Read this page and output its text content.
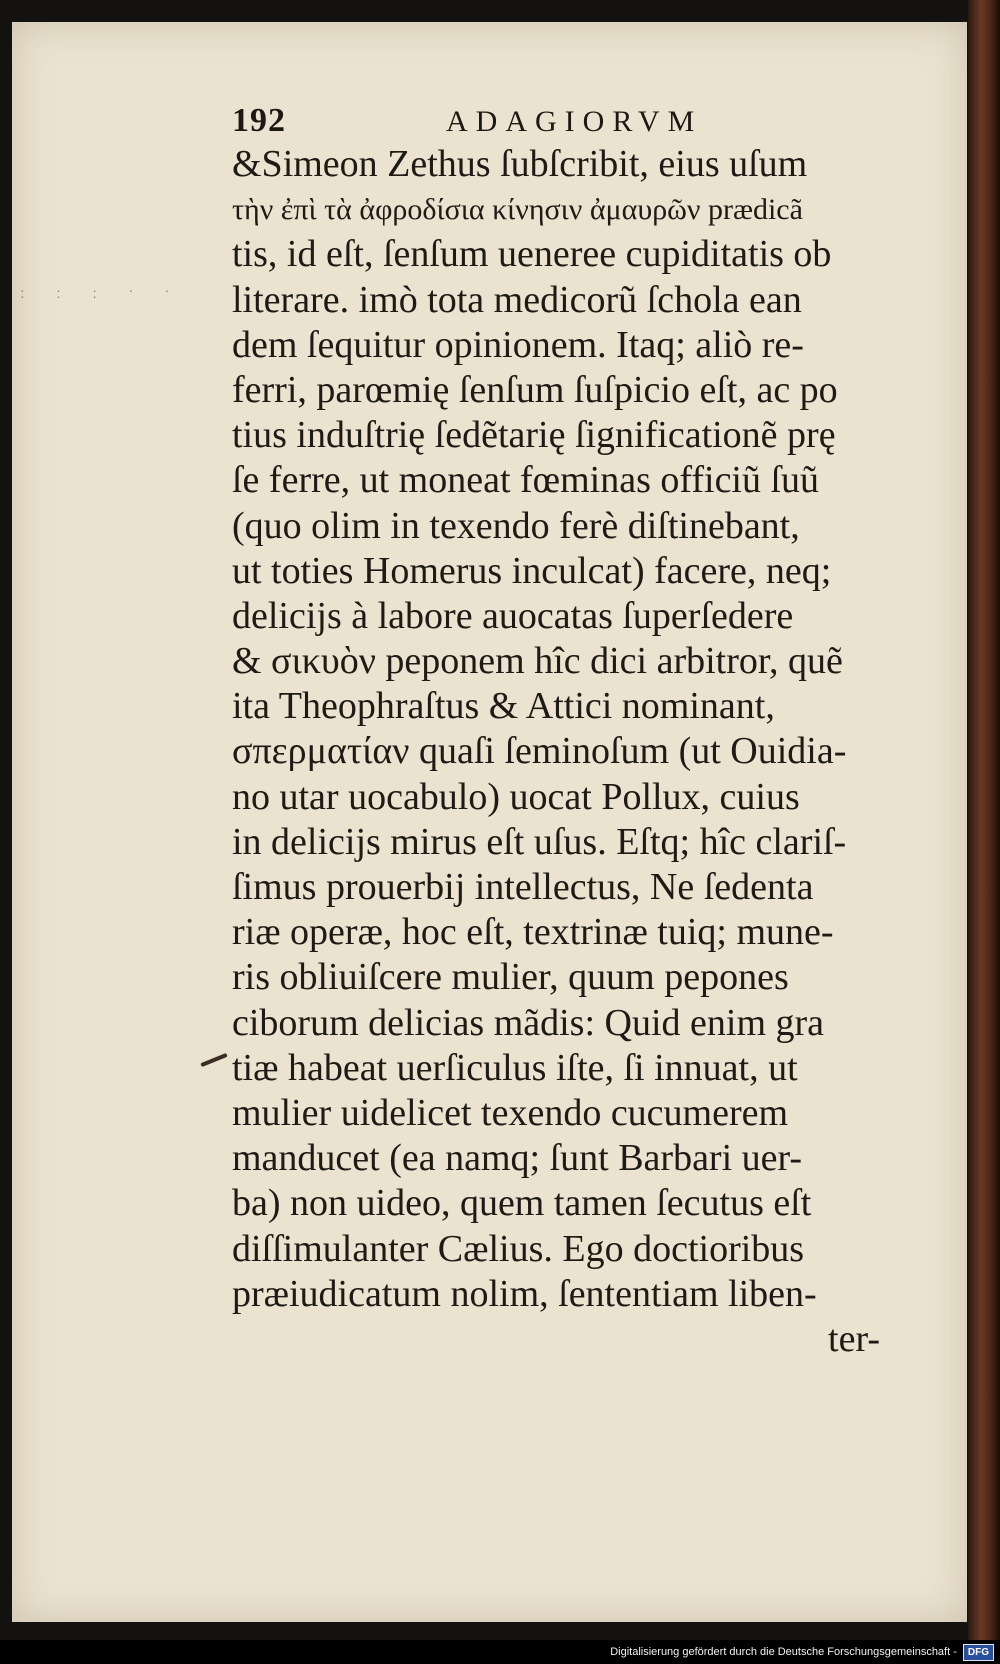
· · · · · · · ·
192	ADAGIORVM
&Simeon Zethus ſubſcribit, eius uſum
τὴν ἐπὶ τὰ ἀφροδίσια κίνησιν ἀμαυρῶν prædicã
tis, id eſt, ſenſum ueneree cupiditatis ob
literare. imò tota medicorũ ſchola ean
dem ſequitur opinionem. Itaq; aliò re-
ferri, parœmię ſenſum ſuſpicio eſt, ac po
tius induſtrię ſedẽtarię ſignificationẽ prę
ſe ferre, ut moneat fœminas officiũ ſuũ
(quo olim in texendo ferè diſtinebant,
ut toties Homerus inculcat) facere, neq;
delicijs à labore auocatas ſuperſedere
& σικυὸν peponem hîc dici arbitror, quẽ
ita Theophraſtus & Attici nominant,
σπερματίαν quaſi ſeminoſum (ut Ouidia-
no utar uocabulo) uocat Pollux, cuius
in delicijs mirus eſt uſus. Eſtq; hîc clariſ-
ſimus prouerbij intellectus, Ne ſedenta
riæ operæ, hoc eſt, textrinæ tuiq; mune-
ris obliuiſcere mulier, quum pepones
ciborum delicias mãdis: Quid enim gra
tiæ habeat uerſiculus iſte, ſi innuat, ut
mulier uidelicet texendo cucumerem
manducet (ea namq; ſunt Barbari uer-
ba) non uideo, quem tamen ſecutus eſt
diſſimulanter Cælius. Ego doctioribus
præiudicatum nolim, ſententiam liben-
ter-
Digitalisierung gefördert durch die Deutsche Forschungsgemeinschaft -	DFG
